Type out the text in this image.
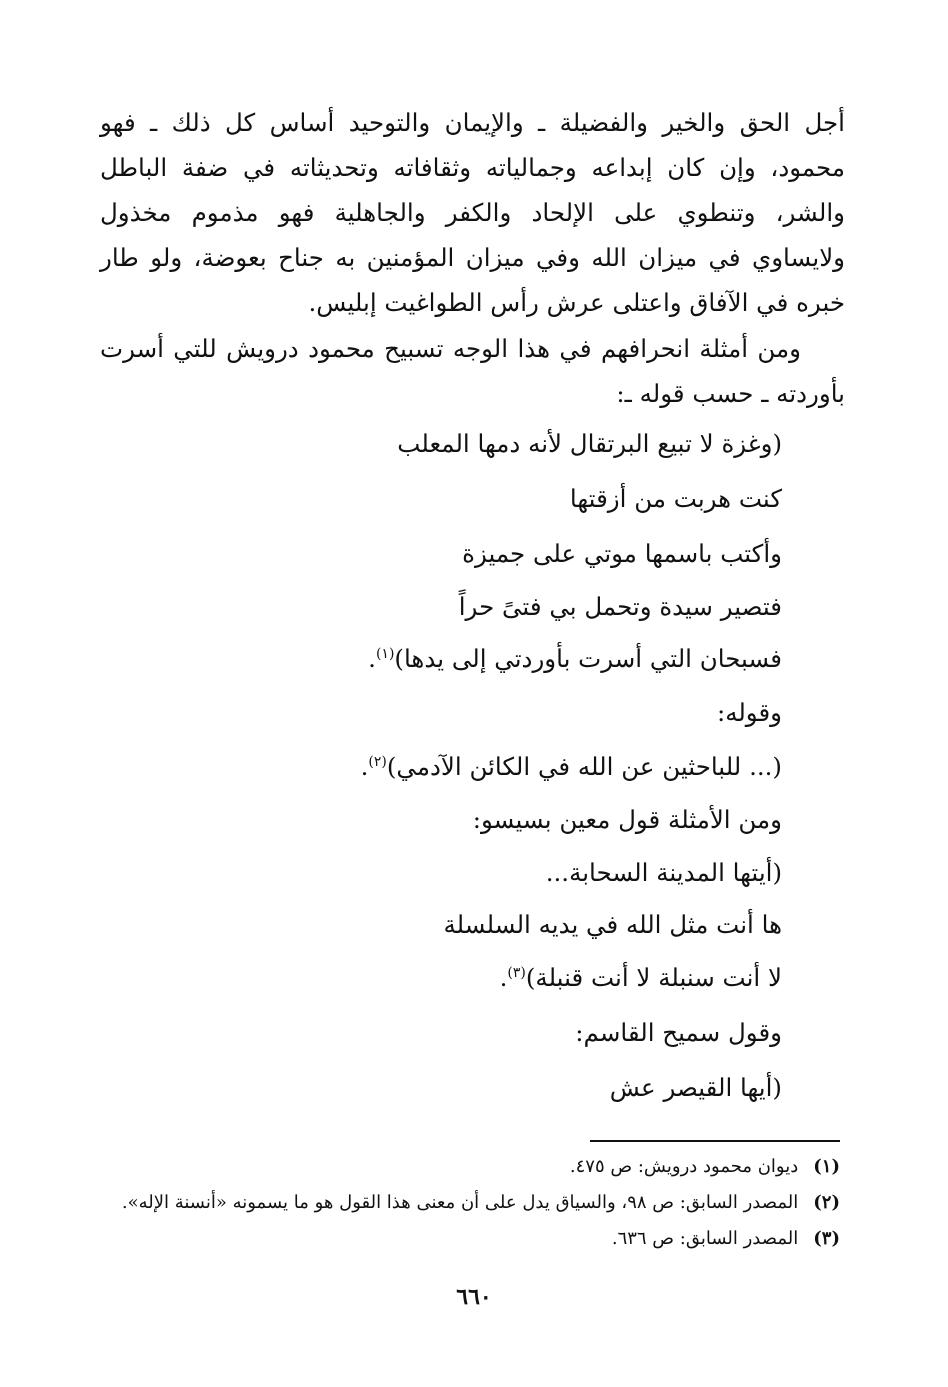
أجل الحق والخير والفضيلة ـ والإيمان والتوحيد أساس كل ذلك ـ فهو
محمود، وإن كان إبداعه وجمالياته وثقافاته وتحديثاته في ضفة الباطل
والشر، وتنطوي على الإلحاد والكفر والجاهلية فهو مذموم مخذول
ولايساوي في ميزان الله وفي ميزان المؤمنين به جناح بعوضة، ولو طار
خبره في الآفاق واعتلى عرش رأس الطواغيت إبليس.
ومن أمثلة انحرافهم في هذا الوجه تسبيح محمود درويش للتي أسرت
بأوردته ـ حسب قوله ـ:
(وغزة لا تبيع البرتقال لأنه دمها المعلب
كنت هربت من أزقتها
وأكتب باسمها موتي على جميزة
فتصير سيدة وتحمل بي فتىً حراً
فسبحان التي أسرت بأوردتي إلى يدها)$^{(١)}$.
وقوله:
(... للباحثين عن الله في الكائن الآدمي)$^{(٢)}$.
ومن الأمثلة قول معين بسيسو:
(أيتها المدينة السحابة...
ها أنت مثل الله في يديه السلسلة
لا أنت سنبلة لا أنت قنبلة)$^{(٣)}$.
وقول سميح القاسم:
(أيها القيصر عش
(١) ديوان محمود درويش: ص ٤٧٥.
(٢) المصدر السابق: ص ٩٨، والسياق يدل على أن معنى هذا القول هو ما يسمونه «أنسنة الإله».
(٣) المصدر السابق: ص ٦٣٦.
٦٦٠
